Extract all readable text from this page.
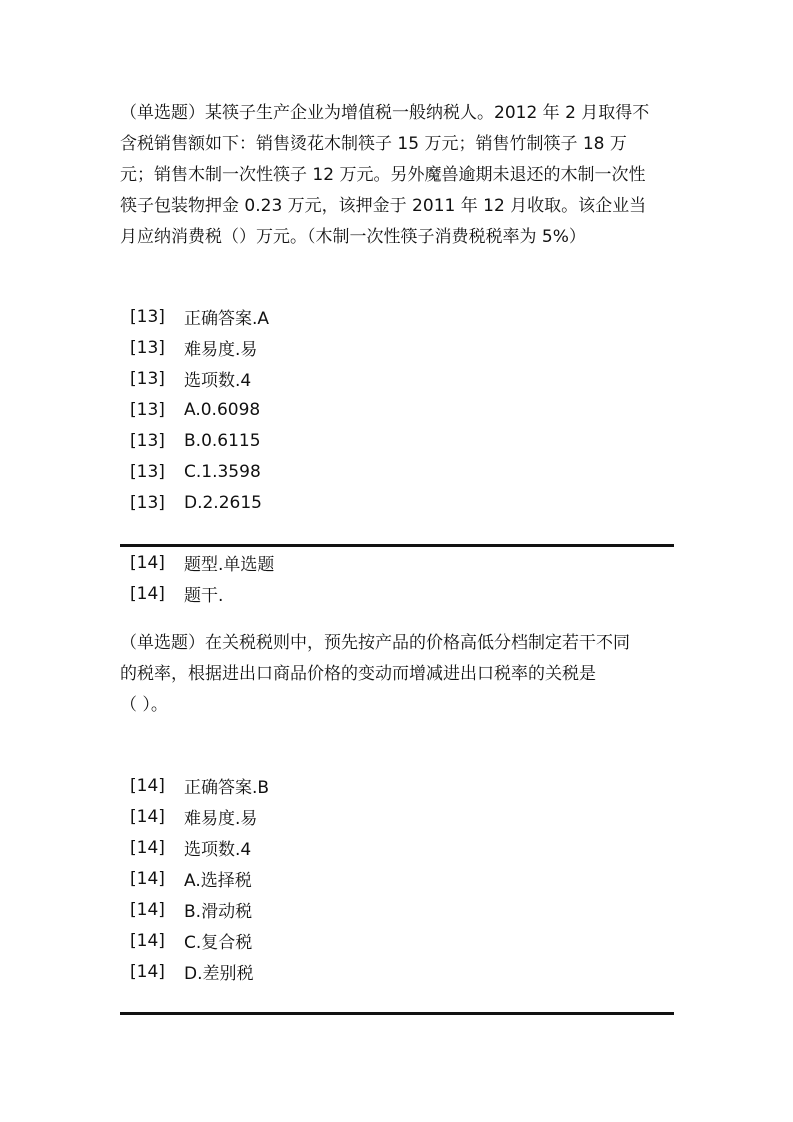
（单选题）某筷子生产企业为增值税一般纳税人。2012 年 2 月取得不
含税销售额如下：销售烫花木制筷子 15 万元；销售竹制筷子 18 万
元；销售木制一次性筷子 12 万元。另外魔兽逾期未退还的木制一次性
筷子包装物押金 0.23 万元，该押金于 2011 年 12 月收取。该企业当
月应纳消费税（）万元。（木制一次性筷子消费税税率为 5%）

[13]	正确答案.A
[13]	难易度.易
[13]	选项数.4
[13]	A.0.6098
[13]	B.0.6115
[13]	C.1.3598
[13]	D.2.2615
[14]	题型.单选题
[14]	题干.

（单选题）在关税税则中，预先按产品的价格高低分档制定若干不同
的税率，根据进出口商品价格的变动而增减进出口税率的关税是
（ ）。

[14]	正确答案.B
[14]	难易度.易
[14]	选项数.4
[14]	A.选择税
[14]	B.滑动税
[14]	C.复合税
[14]	D.差别税
